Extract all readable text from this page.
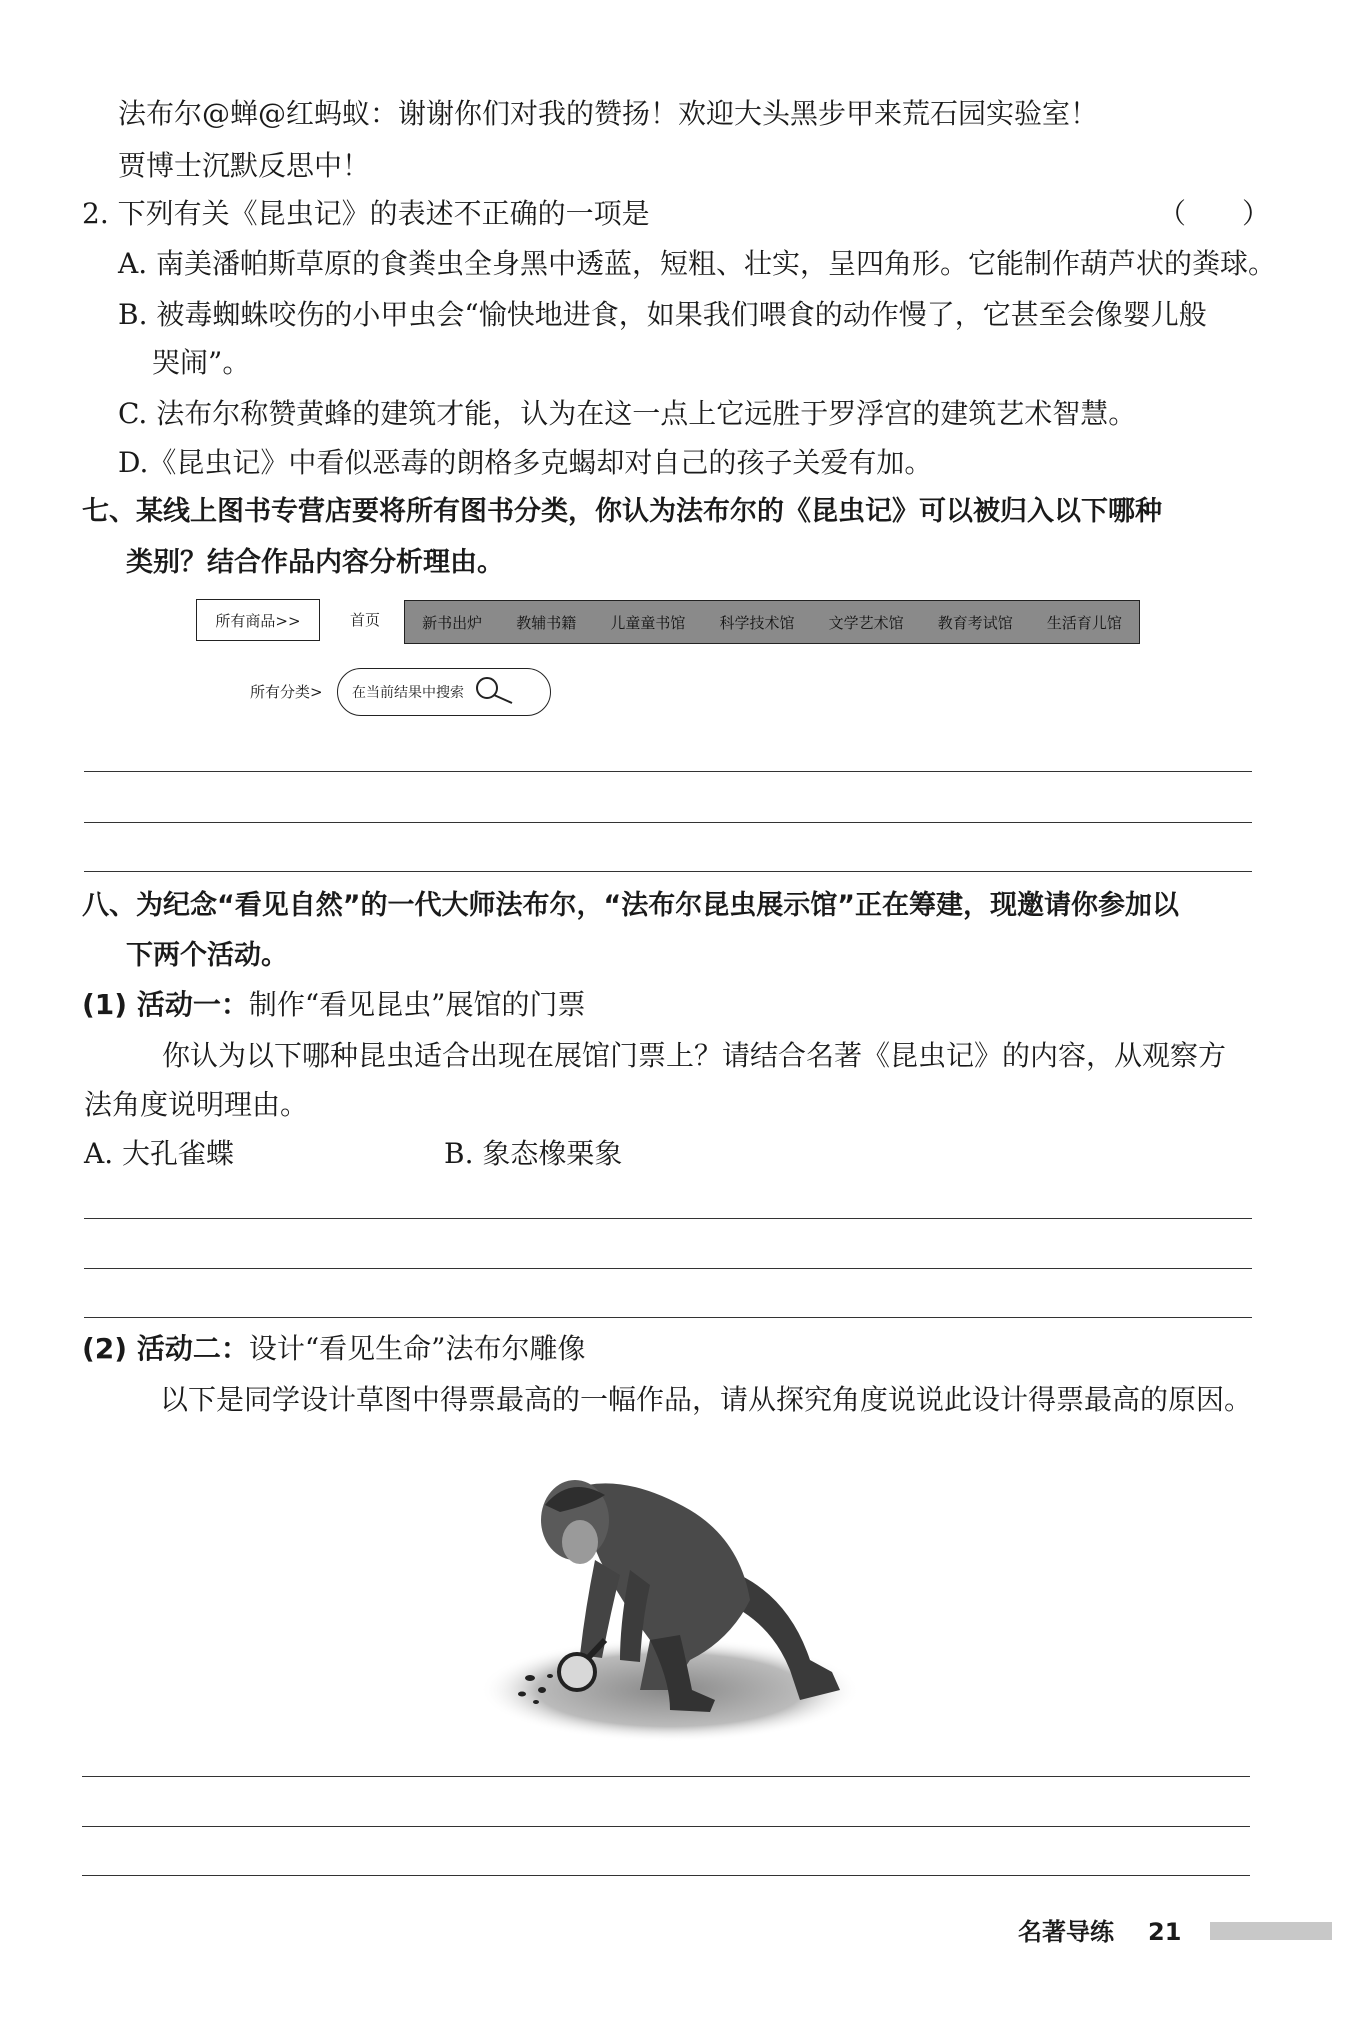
法布尔@蝉@红蚂蚁：谢谢你们对我的赞扬！欢迎大头黑步甲来荒石园实验室！
贾博士沉默反思中！
2. 下列有关《昆虫记》的表述不正确的一项是	（　　）
A. 南美潘帕斯草原的食粪虫全身黑中透蓝，短粗、壮实，呈四角形。它能制作葫芦状的粪球。
B. 被毒蜘蛛咬伤的小甲虫会“愉快地进食，如果我们喂食的动作慢了，它甚至会像婴儿般
哭闹”。
C. 法布尔称赞黄蜂的建筑才能，认为在这一点上它远胜于罗浮宫的建筑艺术智慧。
D.《昆虫记》中看似恶毒的朗格多克蝎却对自己的孩子关爱有加。
七、某线上图书专营店要将所有图书分类，你认为法布尔的《昆虫记》可以被归入以下哪种
类别？结合作品内容分析理由。
所有商品>>	首页	新书出炉	教辅书籍	儿童童书馆	科学技术馆	文学艺术馆	教育考试馆	生活育儿馆
所有分类> 在当前结果中搜索
八、为纪念“看见自然”的一代大师法布尔，“法布尔昆虫展示馆”正在筹建，现邀请你参加以
下两个活动。
(1) 活动一：制作“看见昆虫”展馆的门票
你认为以下哪种昆虫适合出现在展馆门票上？请结合名著《昆虫记》的内容，从观察方
法角度说明理由。
A. 大孔雀蝶	B. 象态橡栗象
(2) 活动二：设计“看见生命”法布尔雕像
以下是同学设计草图中得票最高的一幅作品，请从探究角度说说此设计得票最高的原因。
名著导练 21
